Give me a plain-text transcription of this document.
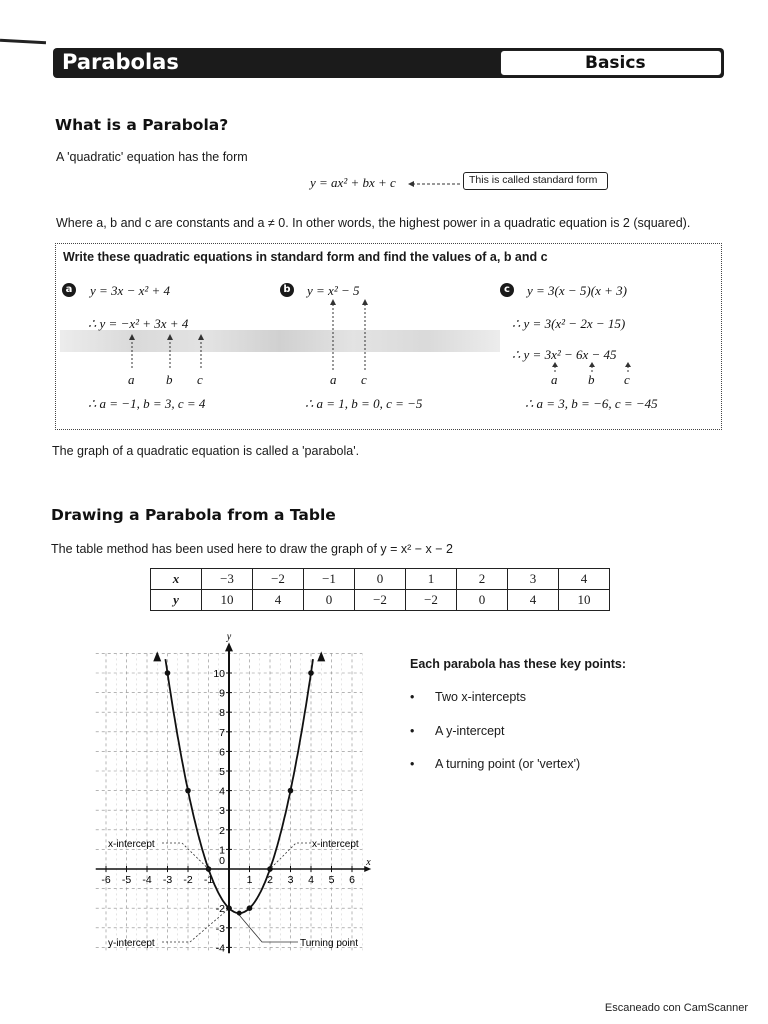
Parabolas	Basics
What is a Parabola?
A 'quadratic' equation has the form
y = ax² + bx + c	This is called standard form
Where a, b and c are constants and a ≠ 0. In other words, the highest power in a quadratic equation is 2 (squared).
Write these quadratic equations in standard form and find the values of a, b and c
a y = 3x − x² + 4
∴ y = −x² + 3x + 4
a b c
∴ a = −1, b = 3, c = 4
b y = x² − 5
a c
∴ a = 1, b = 0, c = −5
c	y = 3(x − 5)(x + 3)
∴ y = 3(x² − 2x − 15)
∴ y = 3x² − 6x − 45
a b c
∴ a = 3, b = −6, c = −45
The graph of a quadratic equation is called a 'parabola'.
Drawing a Parabola from a Table
The table method has been used here to draw the graph of y = x² − x − 2
x	−3	−2	−1	0	1	2	3	4
y	10	4	0	−2	−2	0	4	10
x
y
-6 -5 -4 -3 -2 -1
0
1 2 3 4 5 6
10
9
8
7
6
5
4
3
2
1
-2
-3
-4
x-intercept	x-intercept
y-intercept	Turning point
Each parabola has these key points:
• Two x-intercepts
• A y-intercept
• A turning point (or 'vertex')
Escaneado con CamScanner
